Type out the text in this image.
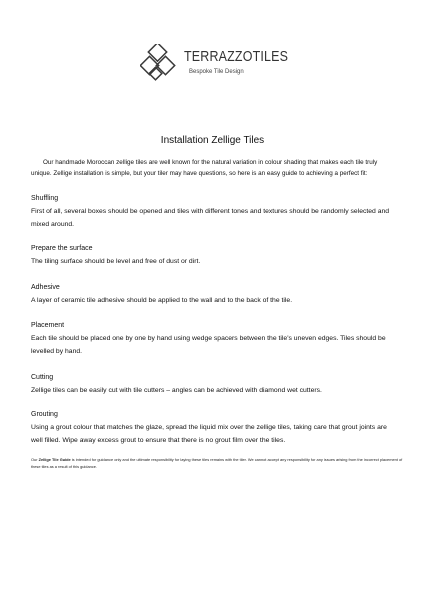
TERRAZZOTILES
Bespoke Tile Design
Installation Zellige Tiles
Our handmade Moroccan zellige tiles are well known for the natural variation in colour shading that makes each tile truly unique. Zellige installation is simple, but your tiler may have questions, so here is an easy guide to achieving a perfect fit:
Shuffling
First of all, several boxes should be opened and tiles with different tones and textures should be randomly selected and mixed around.
Prepare the surface
The tiling surface should be level and free of dust or dirt.
Adhesive
A layer of ceramic tile adhesive should be applied to the wall and to the back of the tile.
Placement
Each tile should be placed one by one by hand using wedge spacers between the tile's uneven edges. Tiles should be levelled by hand.
Cutting
Zellige tiles can be easily cut with tile cutters – angles can be achieved with diamond wet cutters.
Grouting
Using a grout colour that matches the glaze, spread the liquid mix over the zellige tiles, taking care that grout joints are well filled. Wipe away excess grout to ensure that there is no grout film over the tiles.
Our Zellige Tile Guide is intended for guidance only and the ultimate responsibility for laying these tiles remains with the tiler. We cannot accept any responsibility for any issues arising from the incorrect placement of these tiles as a result of this guidance.
